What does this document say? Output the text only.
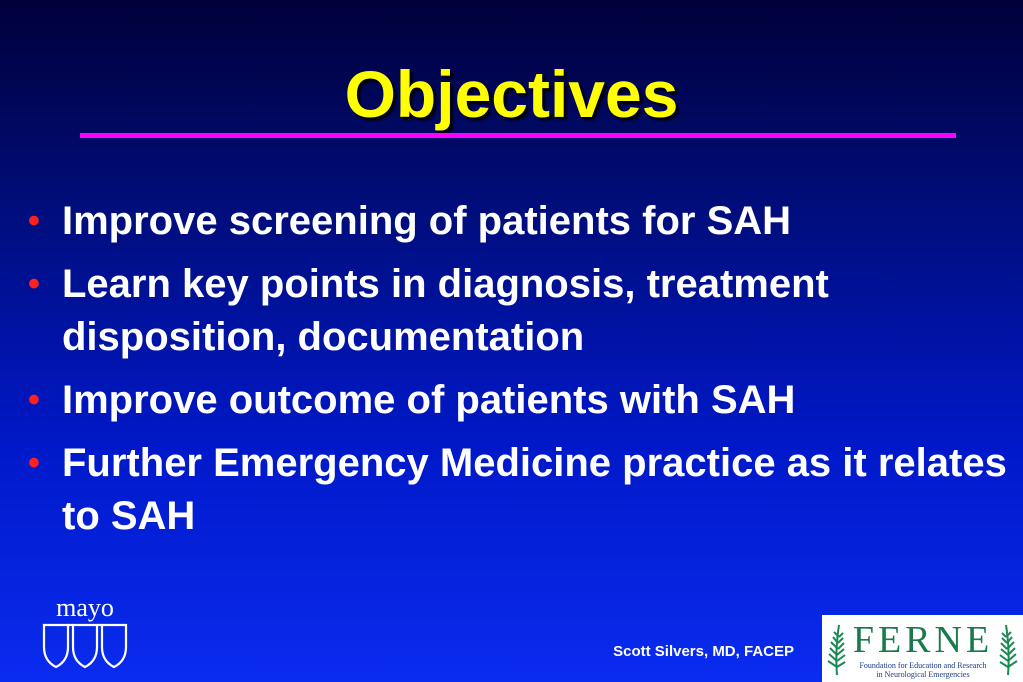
Objectives
• Improve screening of patients for SAH
• Learn key points in diagnosis, treatment disposition, documentation
• Improve outcome of patients with SAH
• Further Emergency Medicine practice as it relates to SAH
mayo
Scott Silvers, MD, FACEP FERNE
Foundation for Education and Research
in Neurological Emergencies
